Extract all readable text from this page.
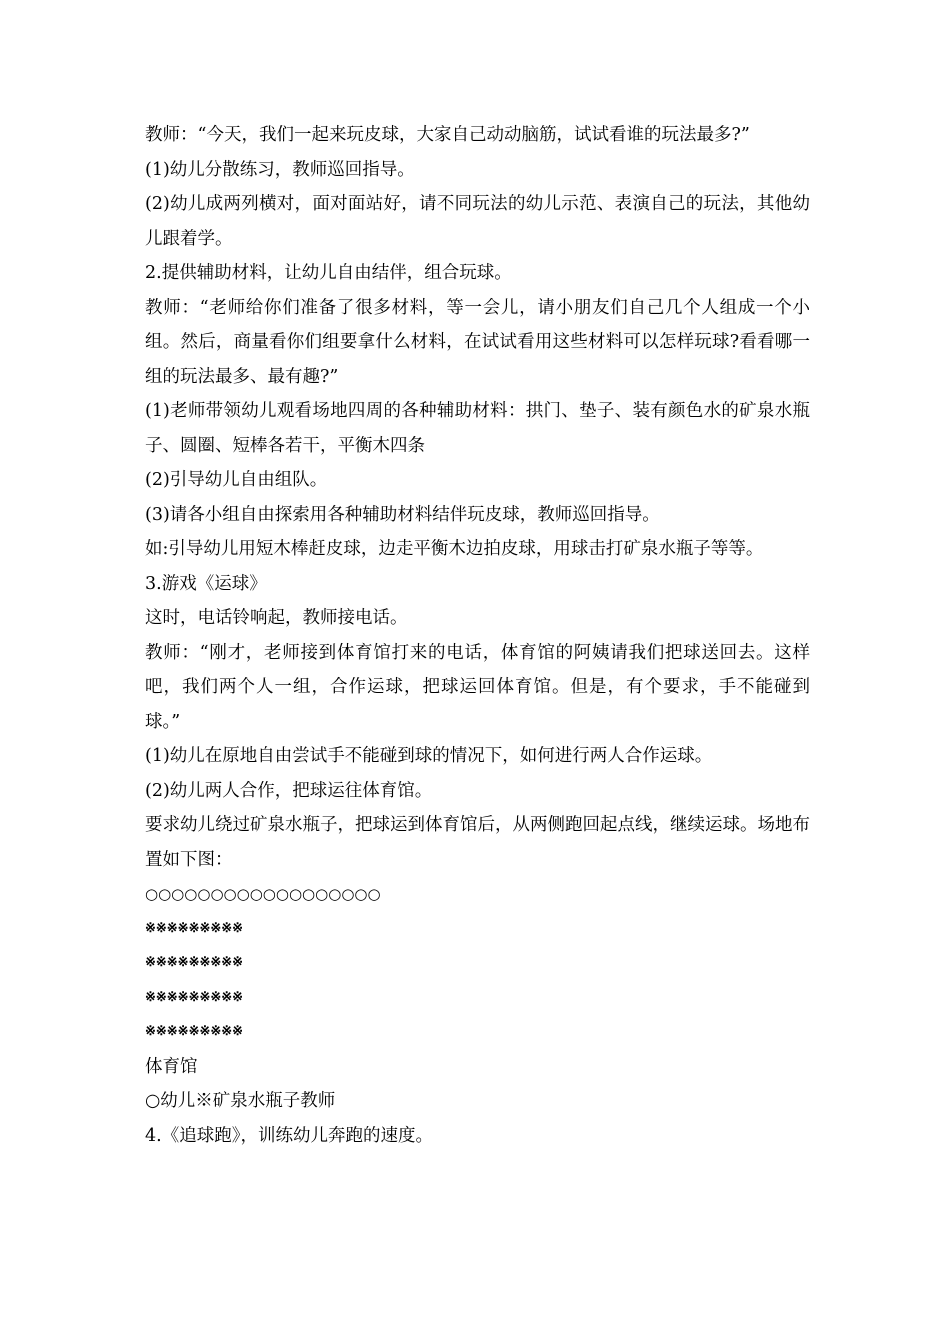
教师：“今天，我们一起来玩皮球，大家自己动动脑筋，试试看谁的玩法最多?”

(1)幼儿分散练习，教师巡回指导。

(2)幼儿成两列横对，面对面站好，请不同玩法的幼儿示范、表演自己的玩法，其他幼儿跟着学。

2.提供辅助材料，让幼儿自由结伴，组合玩球。

教师：“老师给你们准备了很多材料，等一会儿，请小朋友们自己几个人组成一个小组。然后，商量看你们组要拿什么材料，在试试看用这些材料可以怎样玩球?看看哪一组的玩法最多、最有趣?”

(1)老师带领幼儿观看场地四周的各种辅助材料：拱门、垫子、装有颜色水的矿泉水瓶子、圆圈、短棒各若干，平衡木四条

(2)引导幼儿自由组队。

(3)请各小组自由探索用各种辅助材料结伴玩皮球，教师巡回指导。

如:引导幼儿用短木棒赶皮球，边走平衡木边拍皮球，用球击打矿泉水瓶子等等。

3.游戏《运球》

这时，电话铃响起，教师接电话。

教师：“刚才，老师接到体育馆打来的电话，体育馆的阿姨请我们把球送回去。这样吧，我们两个人一组，合作运球，把球运回体育馆。但是，有个要求，手不能碰到球。”

(1)幼儿在原地自由尝试手不能碰到球的情况下，如何进行两人合作运球。

(2)幼儿两人合作，把球运往体育馆。

要求幼儿绕过矿泉水瓶子，把球运到体育馆后，从两侧跑回起点线，继续运球。场地布置如下图：

○○○○○○○○○○○○○○○○○○

※※※※※※※※※

※※※※※※※※※

※※※※※※※※※

※※※※※※※※※

体育馆

○幼儿※矿泉水瓶子教师

4.《追球跑》，训练幼儿奔跑的速度。
